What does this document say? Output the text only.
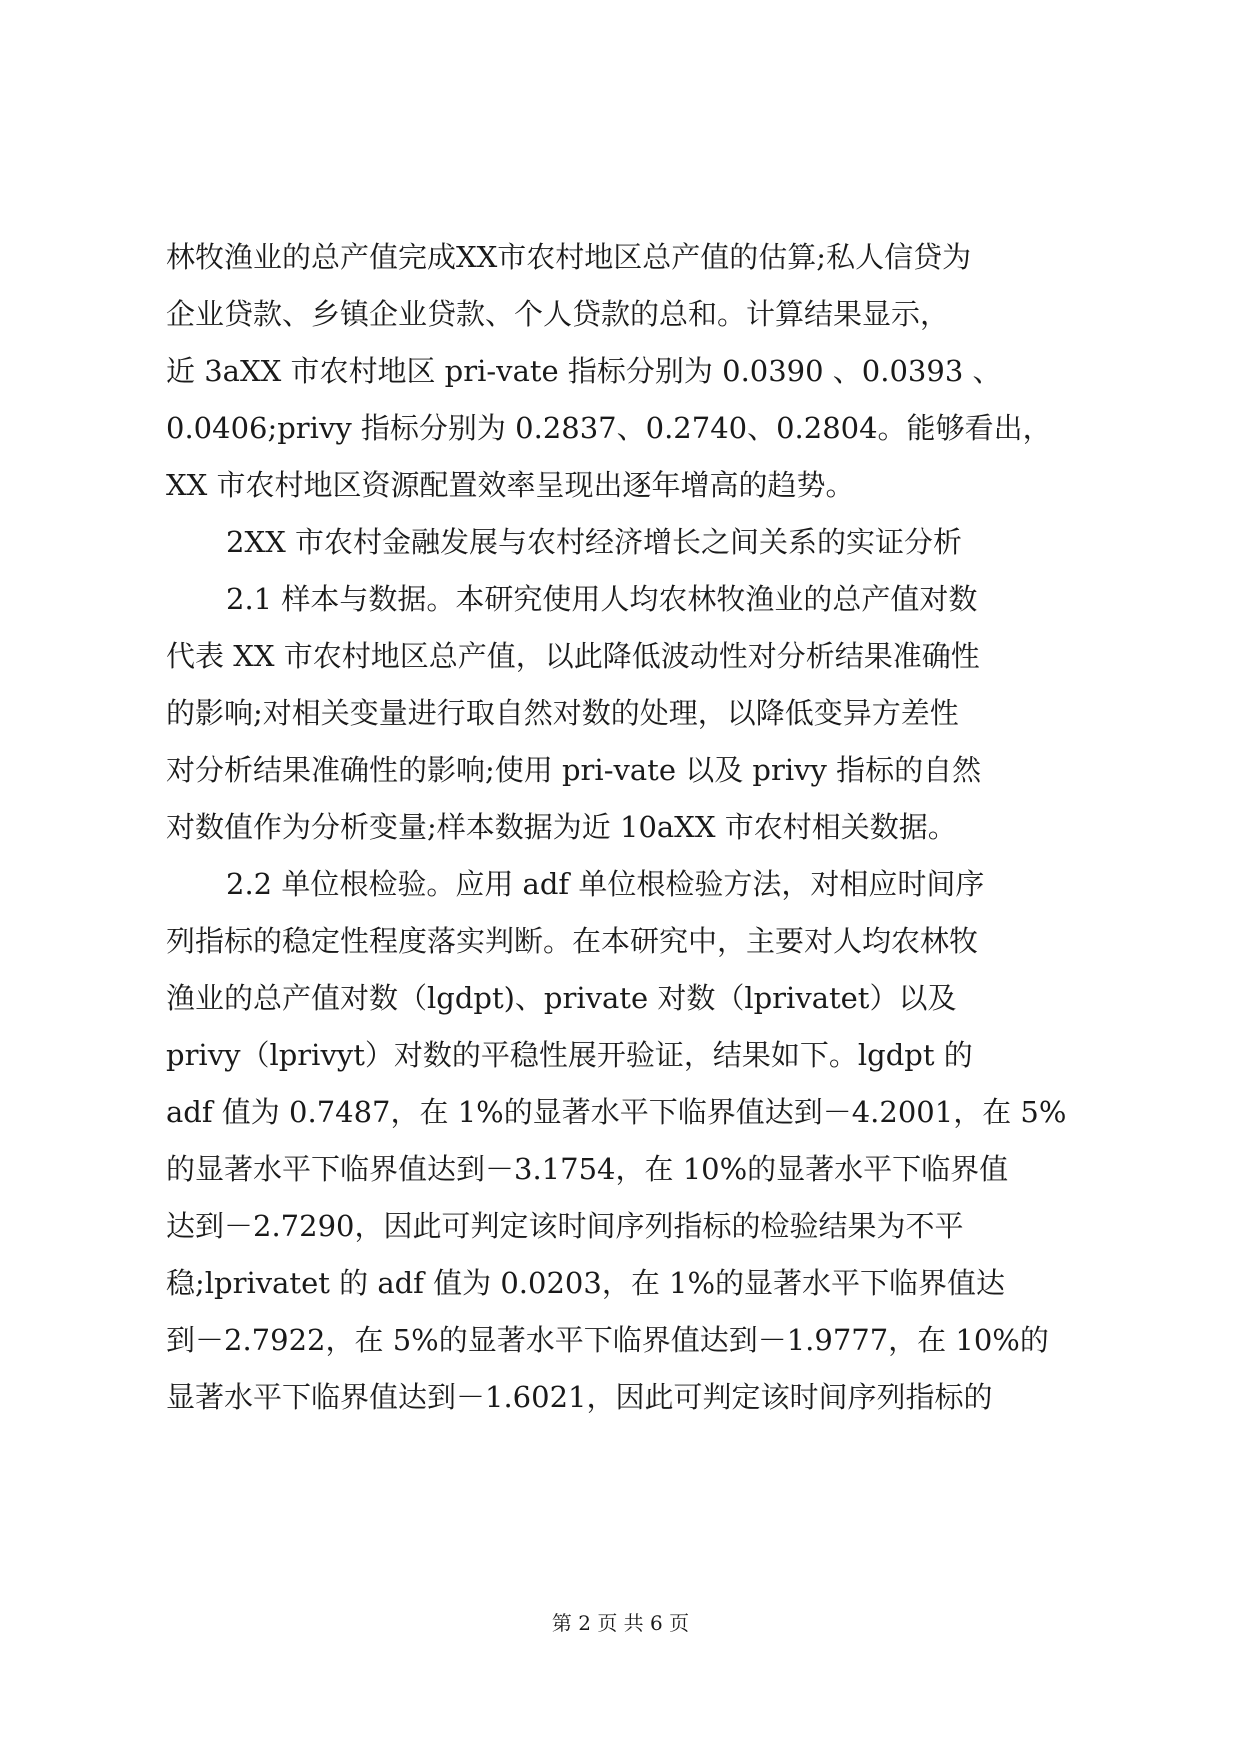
林牧渔业的总产值完成XX市农村地区总产值的估算;私人信贷为
企业贷款、乡镇企业贷款、个人贷款的总和。计算结果显示，
近 3aXX 市农村地区 pri-vate 指标分别为 0.0390 、0.0393 、
0.0406;privy 指标分别为 0.2837、0.2740、0.2804。能够看出，
XX 市农村地区资源配置效率呈现出逐年增高的趋势。
2XX 市农村金融发展与农村经济增长之间关系的实证分析
2.1 样本与数据。本研究使用人均农林牧渔业的总产值对数
代表 XX 市农村地区总产值，以此降低波动性对分析结果准确性
的影响;对相关变量进行取自然对数的处理，以降低变异方差性
对分析结果准确性的影响;使用 pri-vate 以及 privy 指标的自然
对数值作为分析变量;样本数据为近 10aXX 市农村相关数据。
2.2 单位根检验。应用 adf 单位根检验方法，对相应时间序
列指标的稳定性程度落实判断。在本研究中，主要对人均农林牧
渔业的总产值对数（lgdpt)、private 对数（lprivatet）以及
privy（lprivyt）对数的平稳性展开验证，结果如下。lgdpt 的
adf 值为 0.7487，在 1%的显著水平下临界值达到－4.2001，在 5%
的显著水平下临界值达到－3.1754，在 10%的显著水平下临界值
达到－2.7290，因此可判定该时间序列指标的检验结果为不平
稳;lprivatet 的 adf 值为 0.0203，在 1%的显著水平下临界值达
到－2.7922，在 5%的显著水平下临界值达到－1.9777，在 10%的
显著水平下临界值达到－1.6021，因此可判定该时间序列指标的
第 2 页 共 6 页
